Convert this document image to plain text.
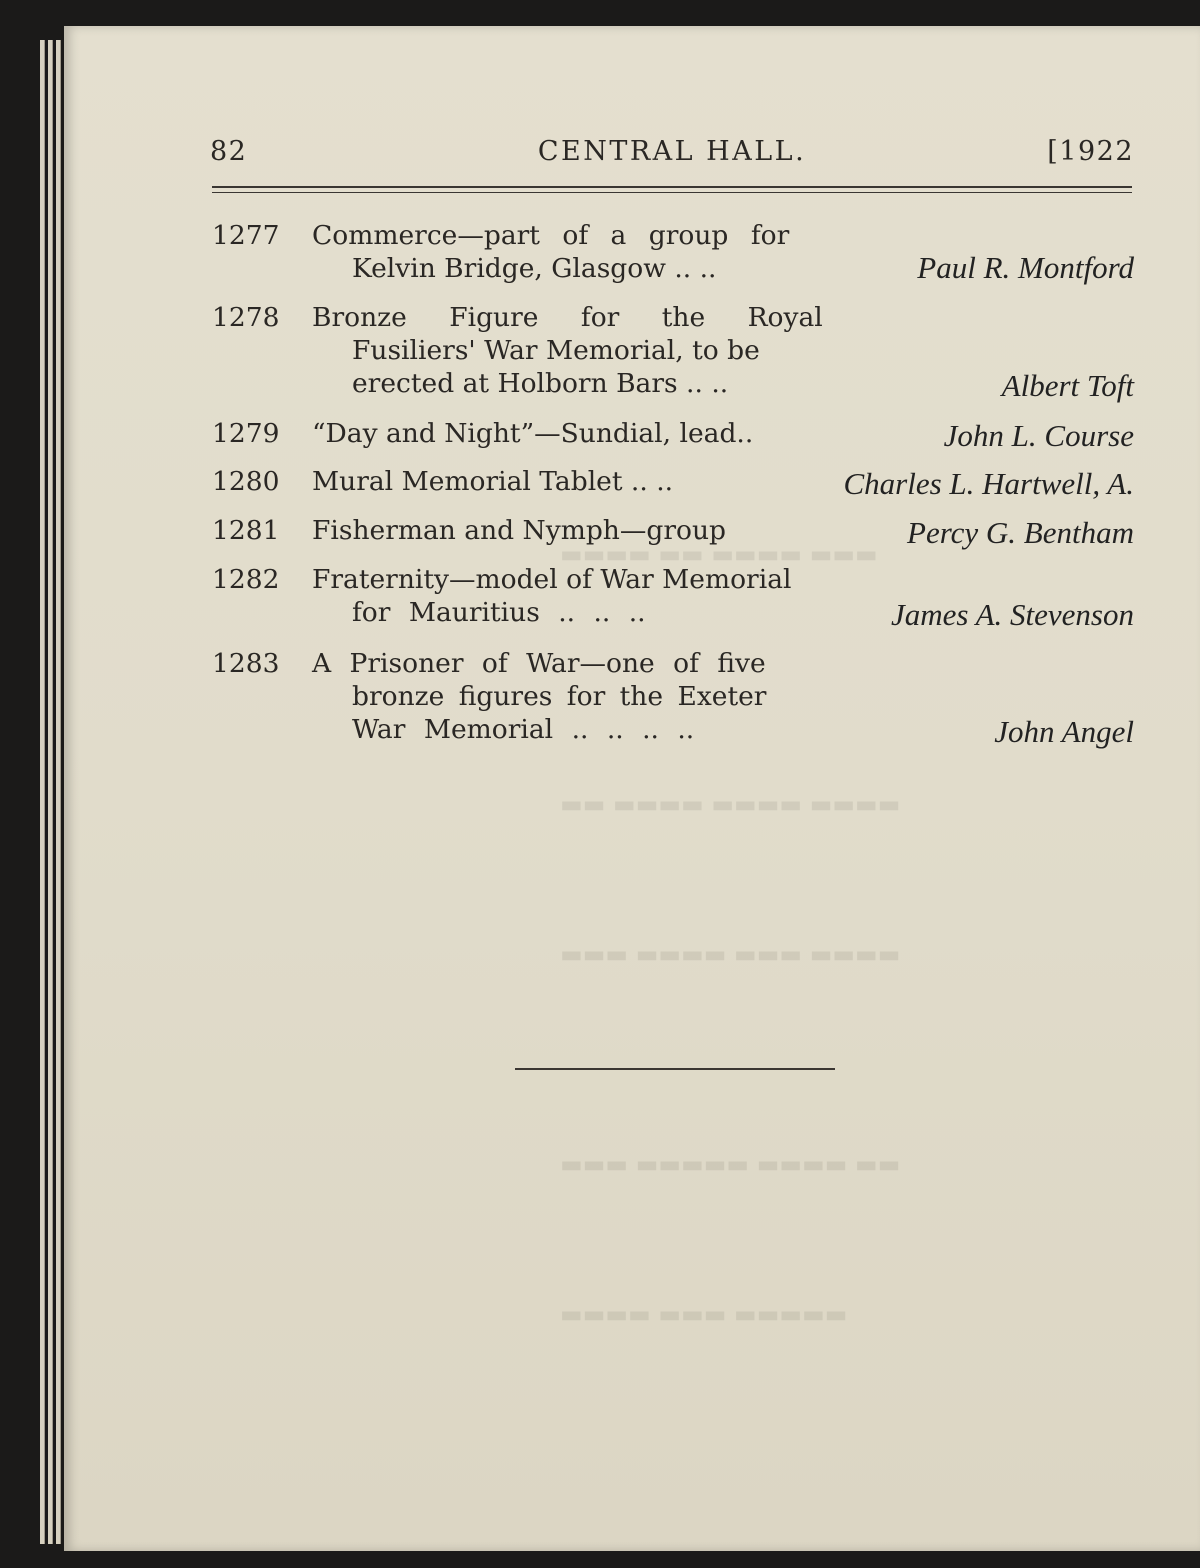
▬▬▬ ▬▬▬▬ ▬▬ ▬▬▬▬
▬▬▬▬ ▬▬▬▬ ▬▬▬▬ ▬▬
▬▬▬▬ ▬▬▬ ▬▬▬▬ ▬▬▬
▬▬ ▬▬▬▬ ▬▬▬▬▬ ▬▬▬
▬▬▬▬▬ ▬▬▬ ▬▬▬▬
82	CENTRAL HALL.	[1922
1277 Commerce—part of a group for
Kelvin Bridge, Glasgow .. ..	Paul R. Montford
1278 Bronze Figure for the Royal
Fusiliers' War Memorial, to be
erected at Holborn Bars .. ..	Albert Toft
1279 “Day and Night”—Sundial, lead..	John L. Course
1280 Mural Memorial Tablet .. ..	Charles L. Hartwell, A.
1281 Fisherman and Nymph—group	Percy G. Bentham
1282 Fraternity—model of War Memorial
for Mauritius .. .. ..	James A. Stevenson
1283 A Prisoner of War—one of five
bronze figures for the Exeter
War Memorial .. .. .. ..	John Angel
